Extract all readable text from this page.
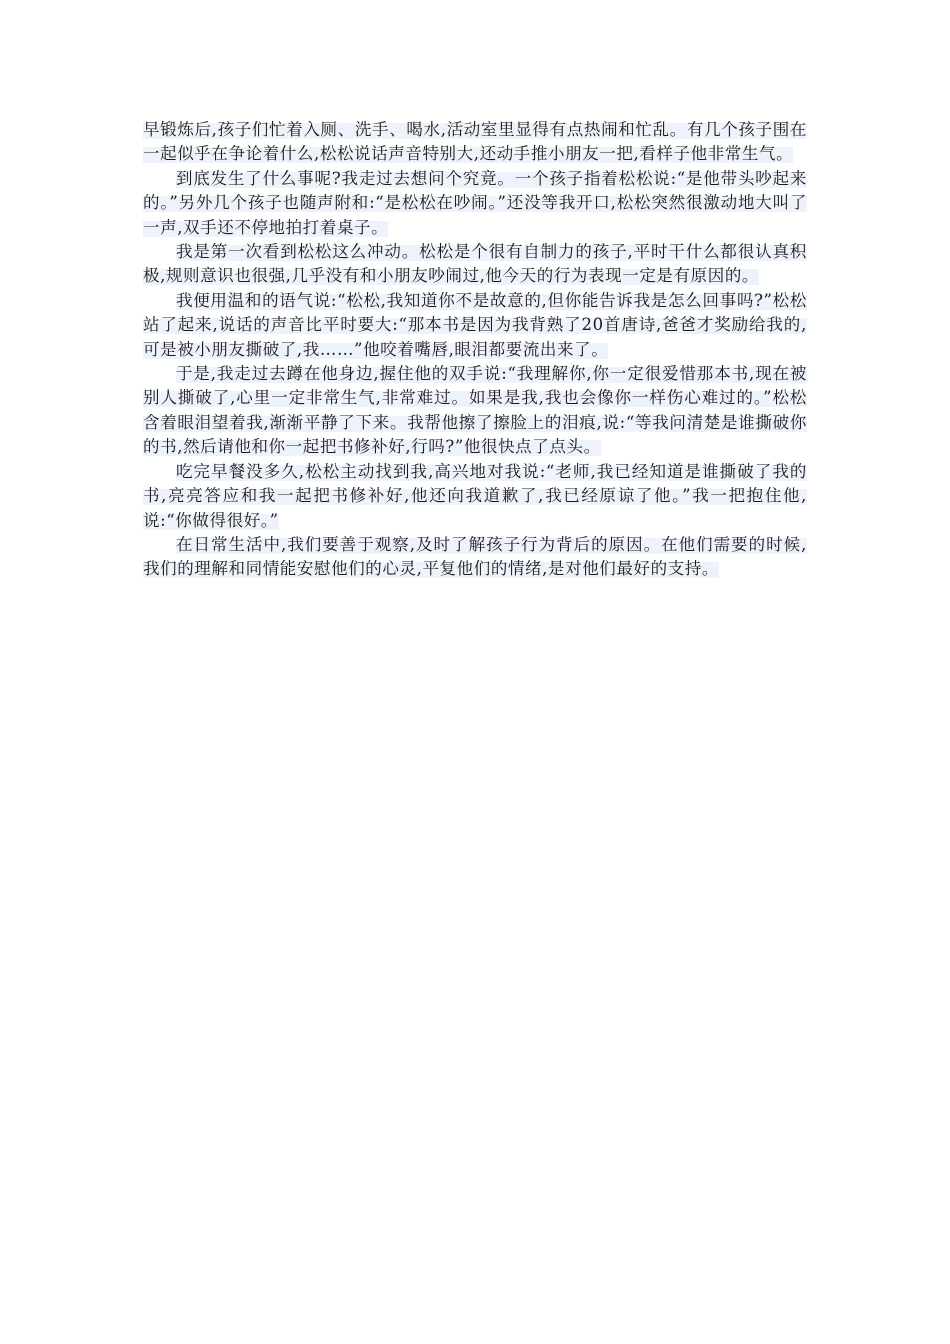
早锻炼后,孩子们忙着入厕、洗手、喝水,活动室里显得有点热闹和忙乱。有几个孩子围在一起似乎在争论着什么,松松说话声音特别大,还动手推小朋友一把,看样子他非常生气。

到底发生了什么事呢?我走过去想问个究竟。一个孩子指着松松说:“是他带头吵起来的。”另外几个孩子也随声附和:“是松松在吵闹。”还没等我开口,松松突然很激动地大叫了一声,双手还不停地拍打着桌子。

我是第一次看到松松这么冲动。松松是个很有自制力的孩子,平时干什么都很认真积极,规则意识也很强,几乎没有和小朋友吵闹过,他今天的行为表现一定是有原因的。

我便用温和的语气说:“松松,我知道你不是故意的,但你能告诉我是怎么回事吗?”松松站了起来,说话的声音比平时要大:“那本书是因为我背熟了20首唐诗,爸爸才奖励给我的,可是被小朋友撕破了,我……”他咬着嘴唇,眼泪都要流出来了。

于是,我走过去蹲在他身边,握住他的双手说:“我理解你,你一定很爱惜那本书,现在被别人撕破了,心里一定非常生气,非常难过。如果是我,我也会像你一样伤心难过的。”松松含着眼泪望着我,渐渐平静了下来。我帮他擦了擦脸上的泪痕,说:“等我问清楚是谁撕破你的书,然后请他和你一起把书修补好,行吗?”他很快点了点头。

吃完早餐没多久,松松主动找到我,高兴地对我说:“老师,我已经知道是谁撕破了我的书,亮亮答应和我一起把书修补好,他还向我道歉了,我已经原谅了他。”我一把抱住他,说:“你做得很好。”

在日常生活中,我们要善于观察,及时了解孩子行为背后的原因。在他们需要的时候,我们的理解和同情能安慰他们的心灵,平复他们的情绪,是对他们最好的支持。
